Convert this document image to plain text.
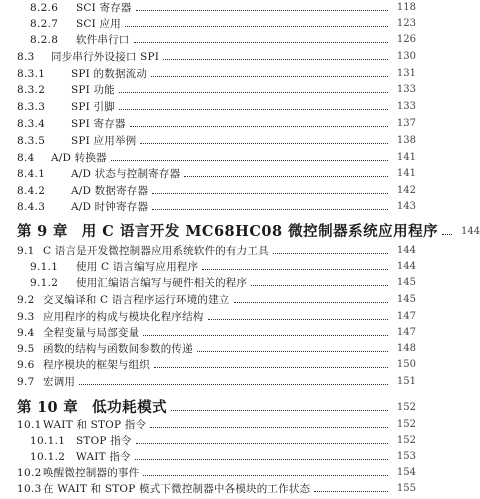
8.2.6	SCI 寄存器	118
8.2.7	SCI 应用	123
8.2.8	软件串行口	126
8.3	同步串行外设接口 SPI	130
8.3.1	SPI 的数据流动	131
8.3.2	SPI 功能	133
8.3.3	SPI 引脚	133
8.3.4	SPI 寄存器	137
8.3.5	SPI 应用举例	138
8.4	A/D 转换器	141
8.4.1	A/D 状态与控制寄存器	141
8.4.2	A/D 数据寄存器	142
8.4.3	A/D 时钟寄存器	143
第 9 章 用 C 语言开发 MC68HC08 微控制器系统应用程序	144
9.1 C 语言是开发微控制器应用系统软件的有力工具	144
9.1.1	使用 C 语言编写应用程序	144
9.1.2	使用汇编语言编写与硬件相关的程序	145
9.2 交叉编译和 C 语言程序运行环境的建立	145
9.3 应用程序的构成与模块化程序结构	147
9.4 全程变量与局部变量	147
9.5 函数的结构与函数间参数的传递	148
9.6 程序模块的框架与组织	150
9.7 宏调用	151
第 10 章 低功耗模式	152
10.1 WAIT 和 STOP 指令	152
10.1.1	STOP 指令	152
10.1.2	WAIT 指令	153
10.2 唤醒微控制器的事件	154
10.3 在 WAIT 和 STOP 模式下微控制器中各模块的工作状态	155
